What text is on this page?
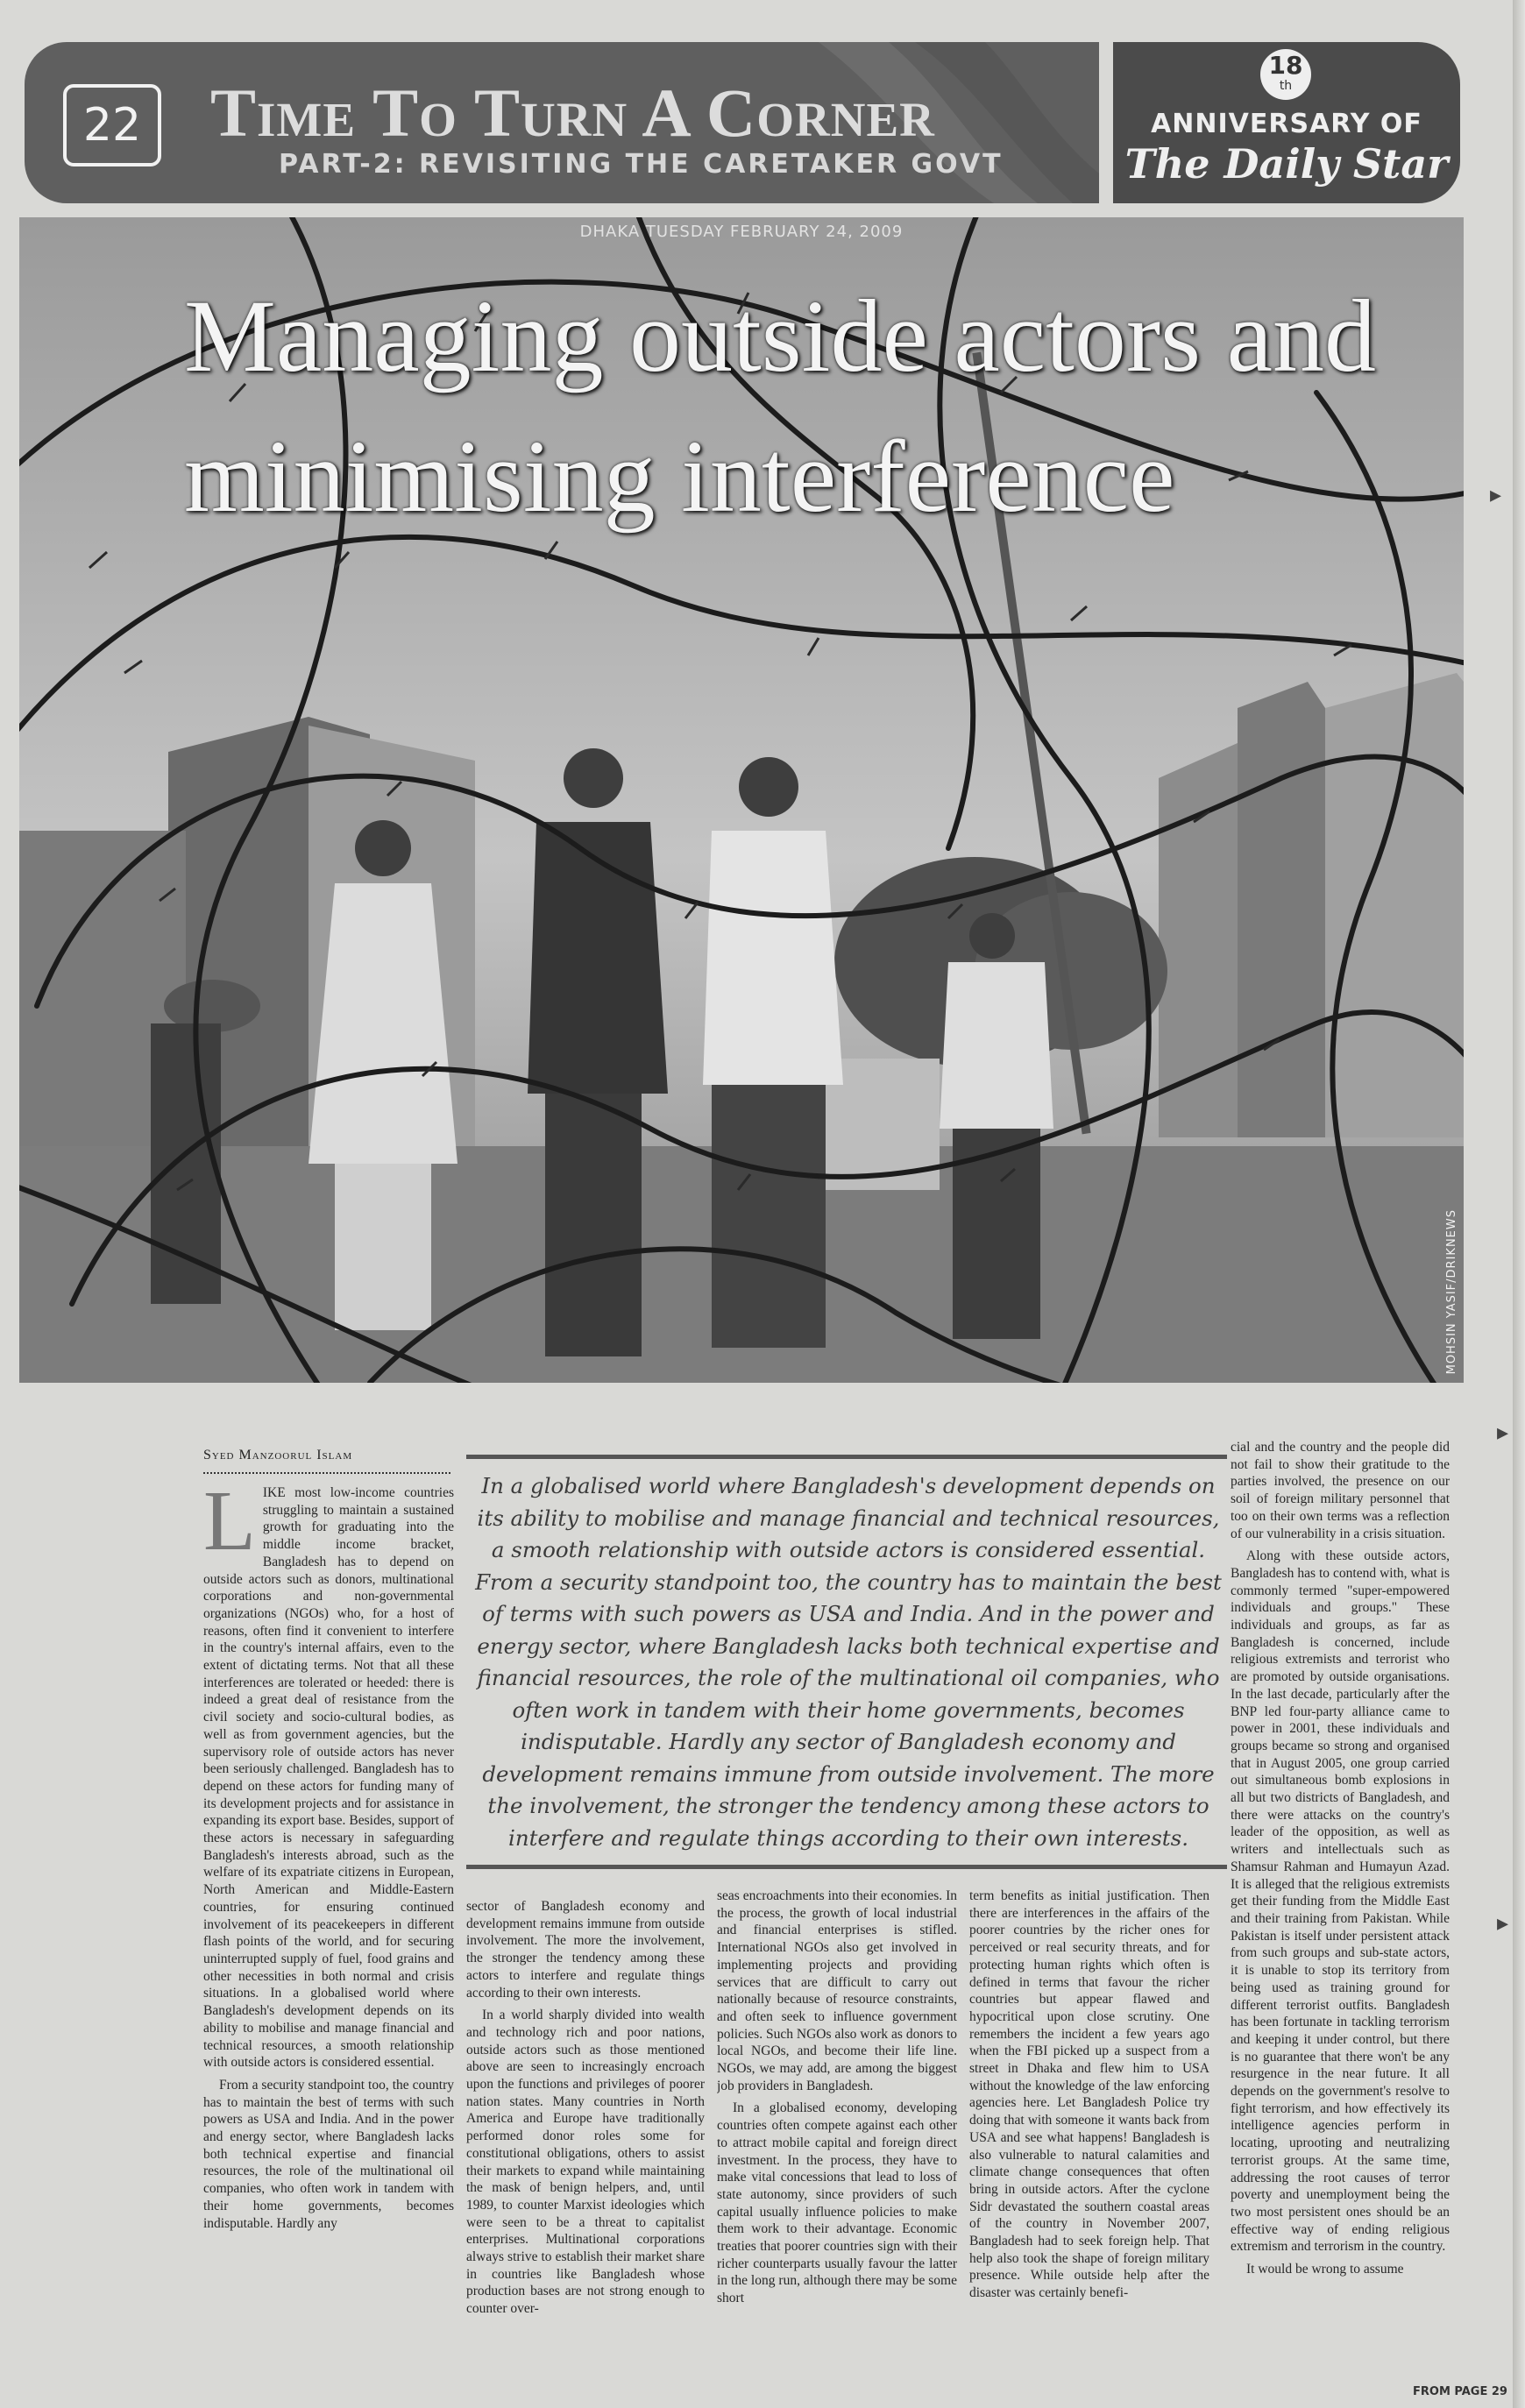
▸
▸
▸
22 Time To Turn A Corner
PART-2: REVISITING THE CARETAKER GOVT
18
th
ANNIVERSARY OF
The Daily Star
DHAKA TUESDAY FEBRUARY 24, 2009
Managing outside actors and minimising interference
MOHSIN YASIF/DRIKNEWS
Syed Manzoorul Islam
L IKE most low-income countries struggling to maintain a sustained growth for graduating into the middle income bracket, Bangladesh has to depend on outside actors such as donors, multinational corporations and non-governmental organizations (NGOs) who, for a host of reasons, often find it convenient to interfere in the country's internal affairs, even to the extent of dictating terms. Not that all these interferences are tolerated or heeded: there is indeed a great deal of resistance from the civil society and socio-cultural bodies, as well as from government agencies, but the supervisory role of outside actors has never been seriously challenged. Bangladesh has to depend on these actors for funding many of its development projects and for assistance in expanding its export base. Besides, support of these actors is necessary in safeguarding Bangladesh's interests abroad, such as the welfare of its expatriate citizens in European, North American and Middle-Eastern countries, for ensuring continued involvement of its peacekeepers in different flash points of the world, and for securing uninterrupted supply of fuel, food grains and other necessities in both normal and crisis situations. In a globalised world where Bangladesh's development depends on its ability to mobilise and manage financial and technical resources, a smooth relationship with outside actors is considered essential.

From a security standpoint too, the country has to maintain the best of terms with such powers as USA and India. And in the power and energy sector, where Bangladesh lacks both technical expertise and financial resources, the role of the multinational oil companies, who often work in tandem with their home governments, becomes indisputable. Hardly any

In a globalised world where Bangladesh's development depends on its ability to mobilise and manage financial and technical resources, a smooth relationship with outside actors is considered essential. From a security standpoint too, the country has to maintain the best of terms with such powers as USA and India. And in the power and energy sector, where Bangladesh lacks both technical expertise and financial resources, the role of the multinational oil companies, who often work in tandem with their home governments, becomes indisputable. Hardly any sector of Bangladesh economy and development remains immune from outside involvement. The more the involvement, the stronger the tendency among these actors to interfere and regulate things according to their own interests.

sector of Bangladesh economy and development remains immune from outside involvement. The more the involvement, the stronger the tendency among these actors to interfere and regulate things according to their own interests.

In a world sharply divided into wealth and technology rich and poor nations, outside actors such as those mentioned above are seen to increasingly encroach upon the functions and privileges of poorer nation states. Many countries in North America and Europe have traditionally performed donor roles some for constitutional obligations, others to assist their markets to expand while maintaining the mask of benign helpers, and, until 1989, to counter Marxist ideologies which were seen to be a threat to capitalist enterprises. Multinational corporations always strive to establish their market share in countries like Bangladesh whose production bases are not strong enough to counter over-

seas encroachments into their economies. In the process, the growth of local industrial and financial enterprises is stifled. International NGOs also get involved in implementing projects and providing services that are difficult to carry out nationally because of resource constraints, and often seek to influence government policies. Such NGOs also work as donors to local NGOs, and become their life line. NGOs, we may add, are among the biggest job providers in Bangladesh.

In a globalised economy, developing countries often compete against each other to attract mobile capital and foreign direct investment. In the process, they have to make vital concessions that lead to loss of state autonomy, since providers of such capital usually influence policies to make them work to their advantage. Economic treaties that poorer countries sign with their richer counterparts usually favour the latter in the long run, although there may be some short

term benefits as initial justification. Then there are interferences in the affairs of the poorer countries by the richer ones for perceived or real security threats, and for protecting human rights which often is defined in terms that favour the richer countries but appear flawed and hypocritical upon close scrutiny. One remembers the incident a few years ago when the FBI picked up a suspect from a street in Dhaka and flew him to USA without the knowledge of the law enforcing agencies here. Let Bangladesh Police try doing that with someone it wants back from USA and see what happens! Bangladesh is also vulnerable to natural calamities and climate change consequences that often bring in outside actors. After the cyclone Sidr devastated the southern coastal areas of the country in November 2007, Bangladesh had to seek foreign help. That help also took the shape of foreign military presence. While outside help after the disaster was certainly benefi-

cial and the country and the people did not fail to show their gratitude to the parties involved, the presence on our soil of foreign military personnel that too on their own terms was a reflection of our vulnerability in a crisis situation.

Along with these outside actors, Bangladesh has to contend with, what is commonly termed "super-empowered individuals and groups." These individuals and groups, as far as Bangladesh is concerned, include religious extremists and terrorist who are promoted by outside organisations. In the last decade, particularly after the BNP led four-party alliance came to power in 2001, these individuals and groups became so strong and organised that in August 2005, one group carried out simultaneous bomb explosions in all but two districts of Bangladesh, and there were attacks on the country's leader of the opposition, as well as writers and intellectuals such as Shamsur Rahman and Humayun Azad. It is alleged that the religious extremists get their funding from the Middle East and their training from Pakistan. While Pakistan is itself under persistent attack from such groups and sub-state actors, it is unable to stop its territory from being used as training ground for different terrorist outfits. Bangladesh has been fortunate in tackling terrorism and keeping it under control, but there is no guarantee that there won't be any resurgence in the near future. It all depends on the government's resolve to fight terrorism, and how effectively its intelligence agencies perform in locating, uprooting and neutralizing terrorist groups. At the same time, addressing the root causes of terror poverty and unemployment being the two most persistent ones should be an effective way of ending religious extremism and terrorism in the country.

It would be wrong to assume

FROM PAGE 29
